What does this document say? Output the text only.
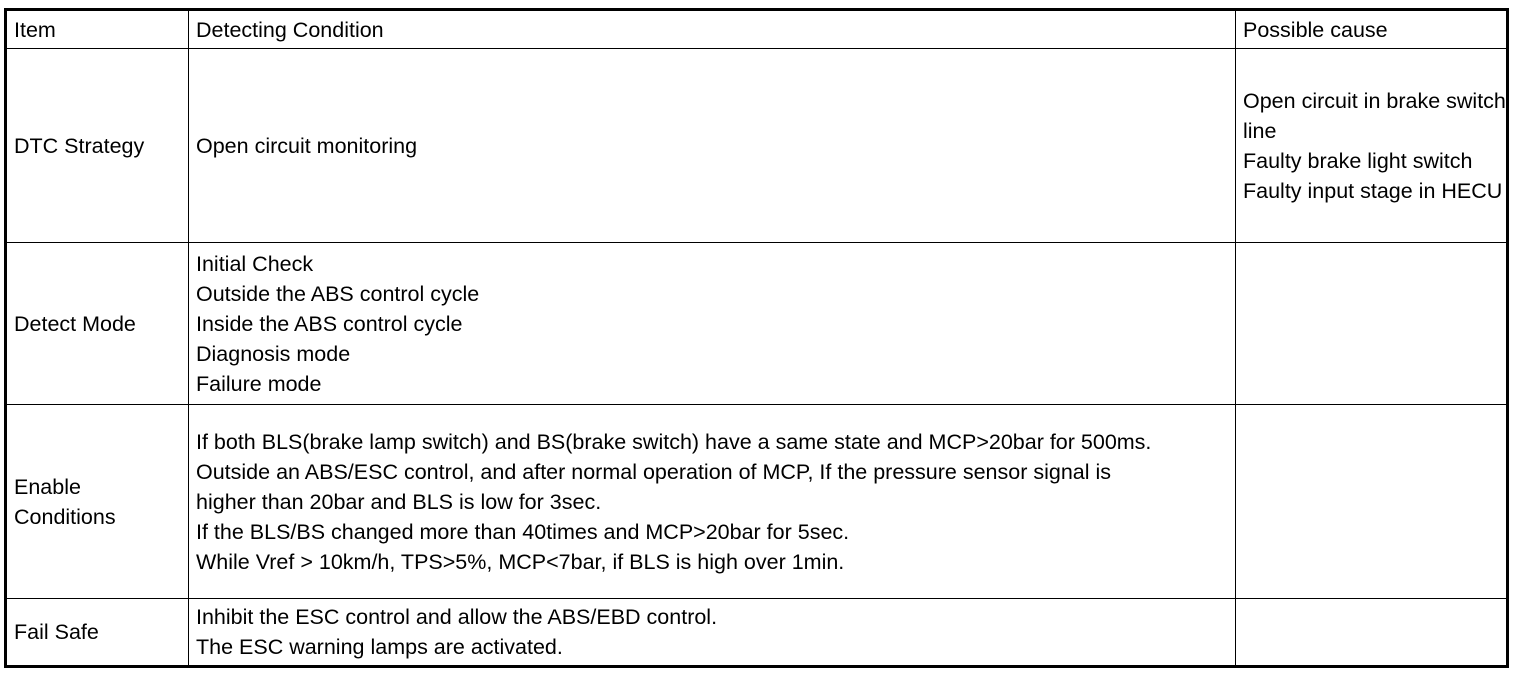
Item	Detecting Condition	Possible cause
DTC Strategy	Open circuit monitoring	Open circuit in brake switch line
Faulty brake light switch
Faulty input stage in HECU

Detect Mode	Initial Check
Outside the ABS control cycle
Inside the ABS control cycle
Diagnosis mode
Failure mode	

Enable Conditions	If both BLS(brake lamp switch) and BS(brake switch) have a same state and MCP>20bar for 500ms.
Outside an ABS/ESC control, and after normal operation of MCP, If the pressure sensor signal is higher than 20bar and BLS is low for 3sec.
If the BLS/BS changed more than 40times and MCP>20bar for 5sec.
While Vref > 10km/h, TPS>5%, MCP<7bar, if BLS is high over 1min.	

Fail Safe	Inhibit the ESC control and allow the ABS/EBD control.
The ESC warning lamps are activated.	
